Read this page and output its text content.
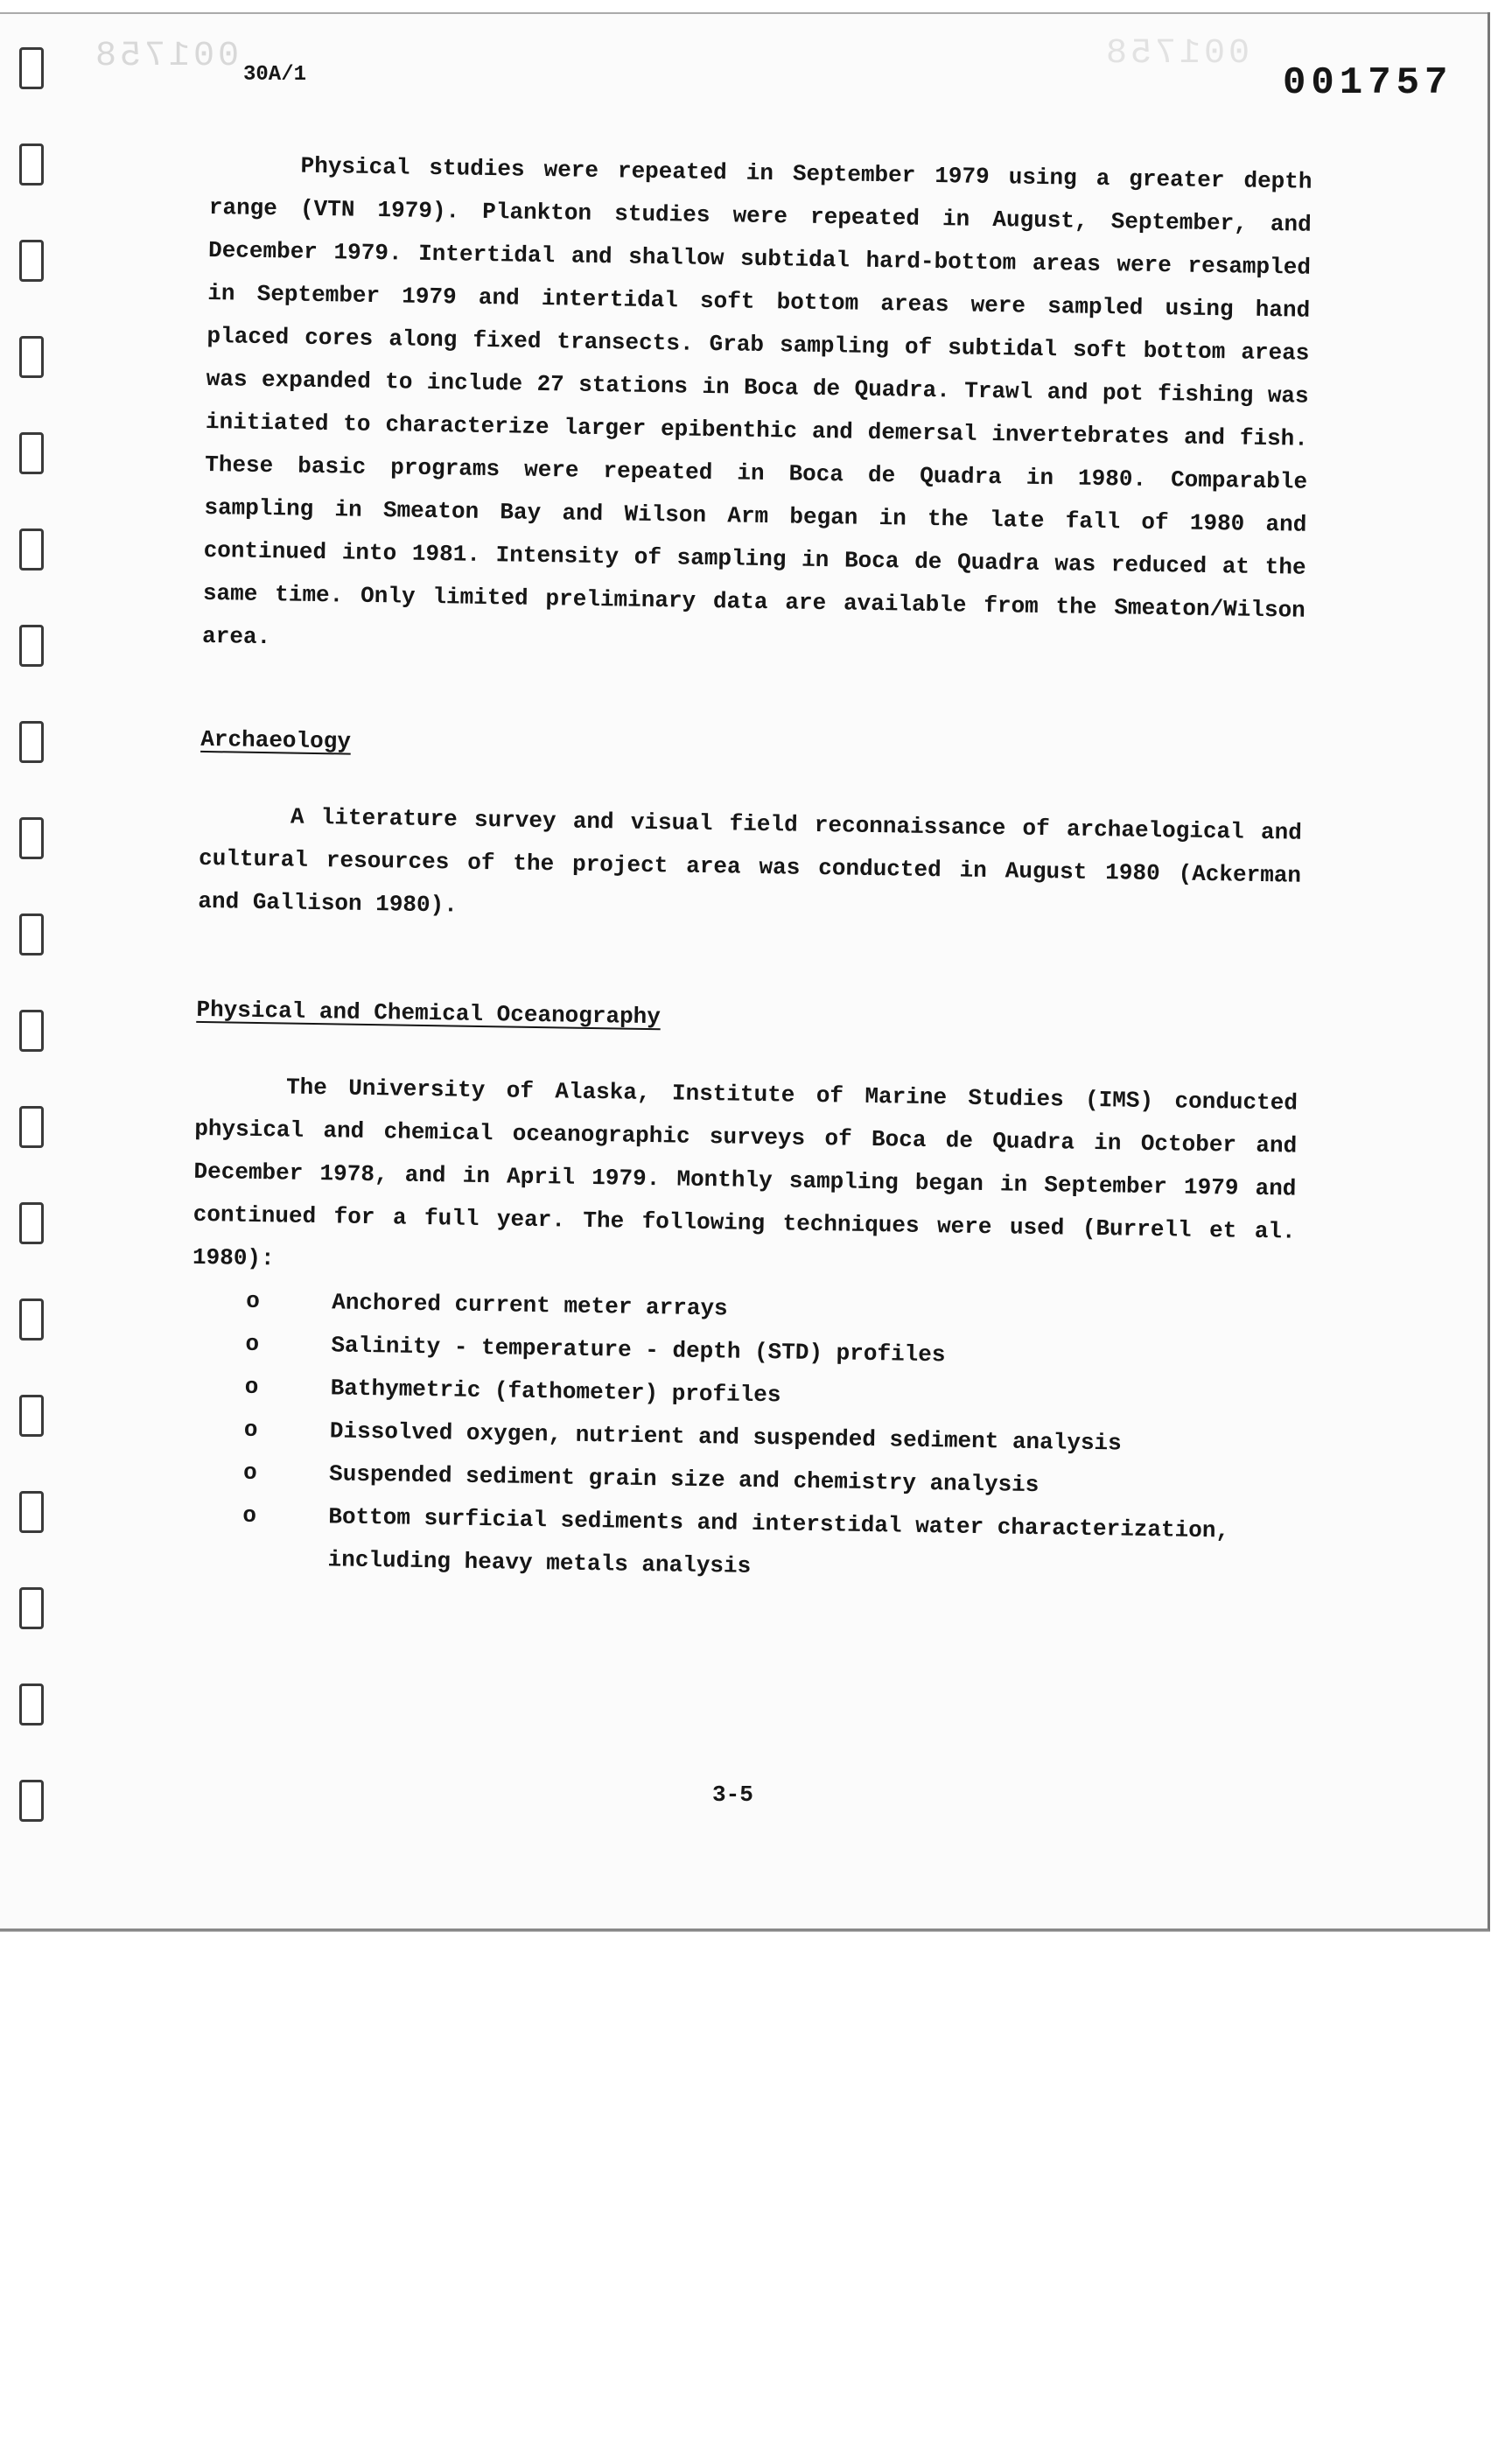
001758	001758
30A/1	001757

Physical studies were repeated in September 1979 using a greater depth range (VTN 1979). Plankton studies were repeated in August, September, and December 1979. Intertidal and shallow subtidal hard-bottom areas were resampled in September 1979 and intertidal soft bottom areas were sampled using hand placed cores along fixed transects. Grab sampling of subtidal soft bottom areas was expanded to include 27 stations in Boca de Quadra. Trawl and pot fishing was initiated to characterize larger epibenthic and demersal invertebrates and fish. These basic programs were repeated in Boca de Quadra in 1980. Comparable sampling in Smeaton Bay and Wilson Arm began in the late fall of 1980 and continued into 1981. Intensity of sampling in Boca de Quadra was reduced at the same time. Only limited preliminary data are available from the Smeaton/Wilson area.

Archaeology

A literature survey and visual field reconnaissance of archaelogical and cultural resources of the project area was conducted in August 1980 (Ackerman and Gallison 1980).

Physical and Chemical Oceanography

The University of Alaska, Institute of Marine Studies (IMS) conducted physical and chemical oceanographic surveys of Boca de Quadra in October and December 1978, and in April 1979. Monthly sampling began in September 1979 and continued for a full year. The following techniques were used (Burrell et al. 1980):

o	Anchored current meter arrays
o	Salinity - temperature - depth (STD) profiles
o	Bathymetric (fathometer) profiles
o	Dissolved oxygen, nutrient and suspended sediment analysis
o	Suspended sediment grain size and chemistry analysis
o	Bottom surficial sediments and interstidal water characterization, including heavy metals analysis
3-5
